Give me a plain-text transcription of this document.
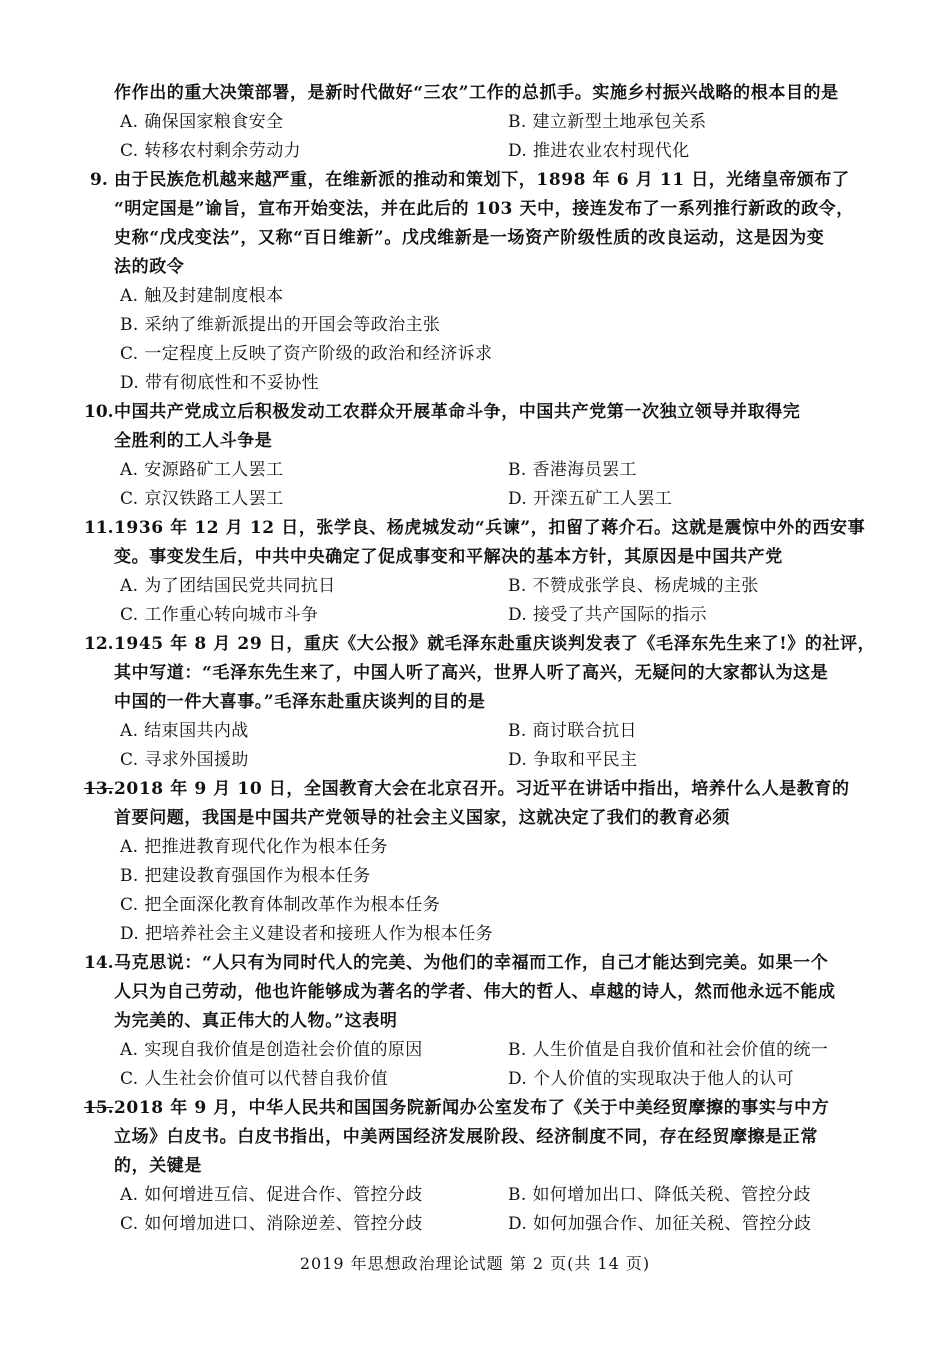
作作出的重大决策部署，是新时代做好“三农”工作的总抓手。实施乡村振兴战略的根本目的是
A. 确保国家粮食安全	B. 建立新型土地承包关系
C. 转移农村剩余劳动力	D. 推进农业农村现代化
9. 由于民族危机越来越严重，在维新派的推动和策划下，1898 年 6 月 11 日，光绪皇帝颁布了
“明定国是”谕旨，宣布开始变法，并在此后的 103 天中，接连发布了一系列推行新政的政令，
史称“戊戌变法”，又称“百日维新”。戊戌维新是一场资产阶级性质的改良运动，这是因为变
法的政令
A. 触及封建制度根本
B. 采纳了维新派提出的开国会等政治主张
C. 一定程度上反映了资产阶级的政治和经济诉求
D. 带有彻底性和不妥协性
10. 中国共产党成立后积极发动工农群众开展革命斗争，中国共产党第一次独立领导并取得完
全胜利的工人斗争是
A. 安源路矿工人罢工	B. 香港海员罢工
C. 京汉铁路工人罢工	D. 开滦五矿工人罢工
11. 1936 年 12 月 12 日，张学良、杨虎城发动“兵谏”，扣留了蒋介石。这就是震惊中外的西安事
变。事变发生后，中共中央确定了促成事变和平解决的基本方针，其原因是中国共产党
A. 为了团结国民党共同抗日	B. 不赞成张学良、杨虎城的主张
C. 工作重心转向城市斗争	D. 接受了共产国际的指示
12. 1945 年 8 月 29 日，重庆《大公报》就毛泽东赴重庆谈判发表了《毛泽东先生来了!》的社评，
其中写道：“毛泽东先生来了，中国人听了高兴，世界人听了高兴，无疑问的大家都认为这是
中国的一件大喜事。”毛泽东赴重庆谈判的目的是
A. 结束国共内战	B. 商讨联合抗日
C. 寻求外国援助	D. 争取和平民主
13. 2018 年 9 月 10 日，全国教育大会在北京召开。习近平在讲话中指出，培养什么人是教育的
首要问题，我国是中国共产党领导的社会主义国家，这就决定了我们的教育必须
A. 把推进教育现代化作为根本任务
B. 把建设教育强国作为根本任务
C. 把全面深化教育体制改革作为根本任务
D. 把培养社会主义建设者和接班人作为根本任务
14. 马克思说：“人只有为同时代人的完美、为他们的幸福而工作，自己才能达到完美。如果一个
人只为自己劳动，他也许能够成为著名的学者、伟大的哲人、卓越的诗人，然而他永远不能成
为完美的、真正伟大的人物。”这表明
A. 实现自我价值是创造社会价值的原因	B. 人生价值是自我价值和社会价值的统一
C. 人生社会价值可以代替自我价值	D. 个人价值的实现取决于他人的认可
15. 2018 年 9 月，中华人民共和国国务院新闻办公室发布了《关于中美经贸摩擦的事实与中方
立场》白皮书。白皮书指出，中美两国经济发展阶段、经济制度不同，存在经贸摩擦是正常
的，关键是
A. 如何增进互信、促进合作、管控分歧	B. 如何增加出口、降低关税、管控分歧
C. 如何增加进口、消除逆差、管控分歧	D. 如何加强合作、加征关税、管控分歧
2019 年思想政治理论试题 第 2 页(共 14 页)
